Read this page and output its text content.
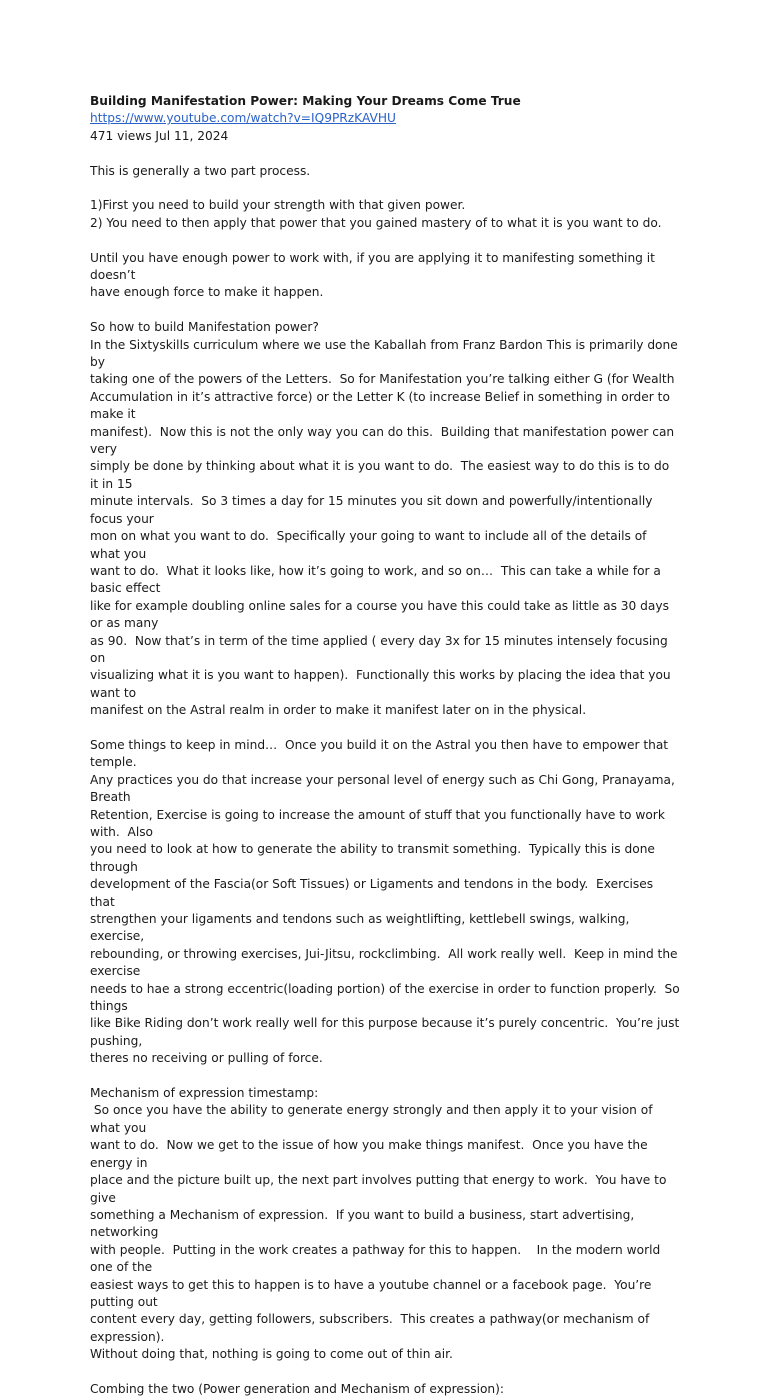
Building Manifestation Power: Making Your Dreams Come True

https://www.youtube.com/watch?v=IQ9PRzKAVHU

471 views Jul 11, 2024

This is generally a two part process.

1)First you need to build your strength with that given power.

2) You need to then apply that power that you gained mastery of to what it is you want to do.

Until you have enough power to work with, if you are applying it to manifesting something it doesn’t

have enough force to make it happen.

So how to build Manifestation power?

In the Sixtyskills curriculum where we use the Kaballah from Franz Bardon This is primarily done by

taking one of the powers of the Letters.  So for Manifestation you’re talking either G (for Wealth

Accumulation in it’s attractive force) or the Letter K (to increase Belief in something in order to make it

manifest).  Now this is not the only way you can do this.  Building that manifestation power can very

simply be done by thinking about what it is you want to do.  The easiest way to do this is to do it in 15

minute intervals.  So 3 times a day for 15 minutes you sit down and powerfully/intentionally focus your

mon on what you want to do.  Specifically your going to want to include all of the details of what you

want to do.  What it looks like, how it’s going to work, and so on…  This can take a while for a basic effect

like for example doubling online sales for a course you have this could take as little as 30 days or as many

as 90.  Now that’s in term of the time applied ( every day 3x for 15 minutes intensely focusing on

visualizing what it is you want to happen).  Functionally this works by placing the idea that you want to

manifest on the Astral realm in order to make it manifest later on in the physical.

Some things to keep in mind…  Once you build it on the Astral you then have to empower that temple.

Any practices you do that increase your personal level of energy such as Chi Gong, Pranayama, Breath

Retention, Exercise is going to increase the amount of stuff that you functionally have to work with.  Also

you need to look at how to generate the ability to transmit something.  Typically this is done through

development of the Fascia(or Soft Tissues) or Ligaments and tendons in the body.  Exercises that

strengthen your ligaments and tendons such as weightlifting, kettlebell swings, walking, exercise,

rebounding, or throwing exercises, Jui-Jitsu, rockclimbing.  All work really well.  Keep in mind the exercise

needs to hae a strong eccentric(loading portion) of the exercise in order to function properly.  So things

like Bike Riding don’t work really well for this purpose because it’s purely concentric.  You’re just pushing,

theres no receiving or pulling of force.

Mechanism of expression timestamp:

So once you have the ability to generate energy strongly and then apply it to your vision of what you

want to do.  Now we get to the issue of how you make things manifest.  Once you have the energy in

place and the picture built up, the next part involves putting that energy to work.  You have to give

something a Mechanism of expression.  If you want to build a business, start advertising, networking

with people.  Putting in the work creates a pathway for this to happen.    In the modern world one of the

easiest ways to get this to happen is to have a youtube channel or a facebook page.  You’re putting out

content every day, getting followers, subscribers.  This creates a pathway(or mechanism of expression).

Without doing that, nothing is going to come out of thin air.

Combing the two (Power generation and Mechanism of expression):
